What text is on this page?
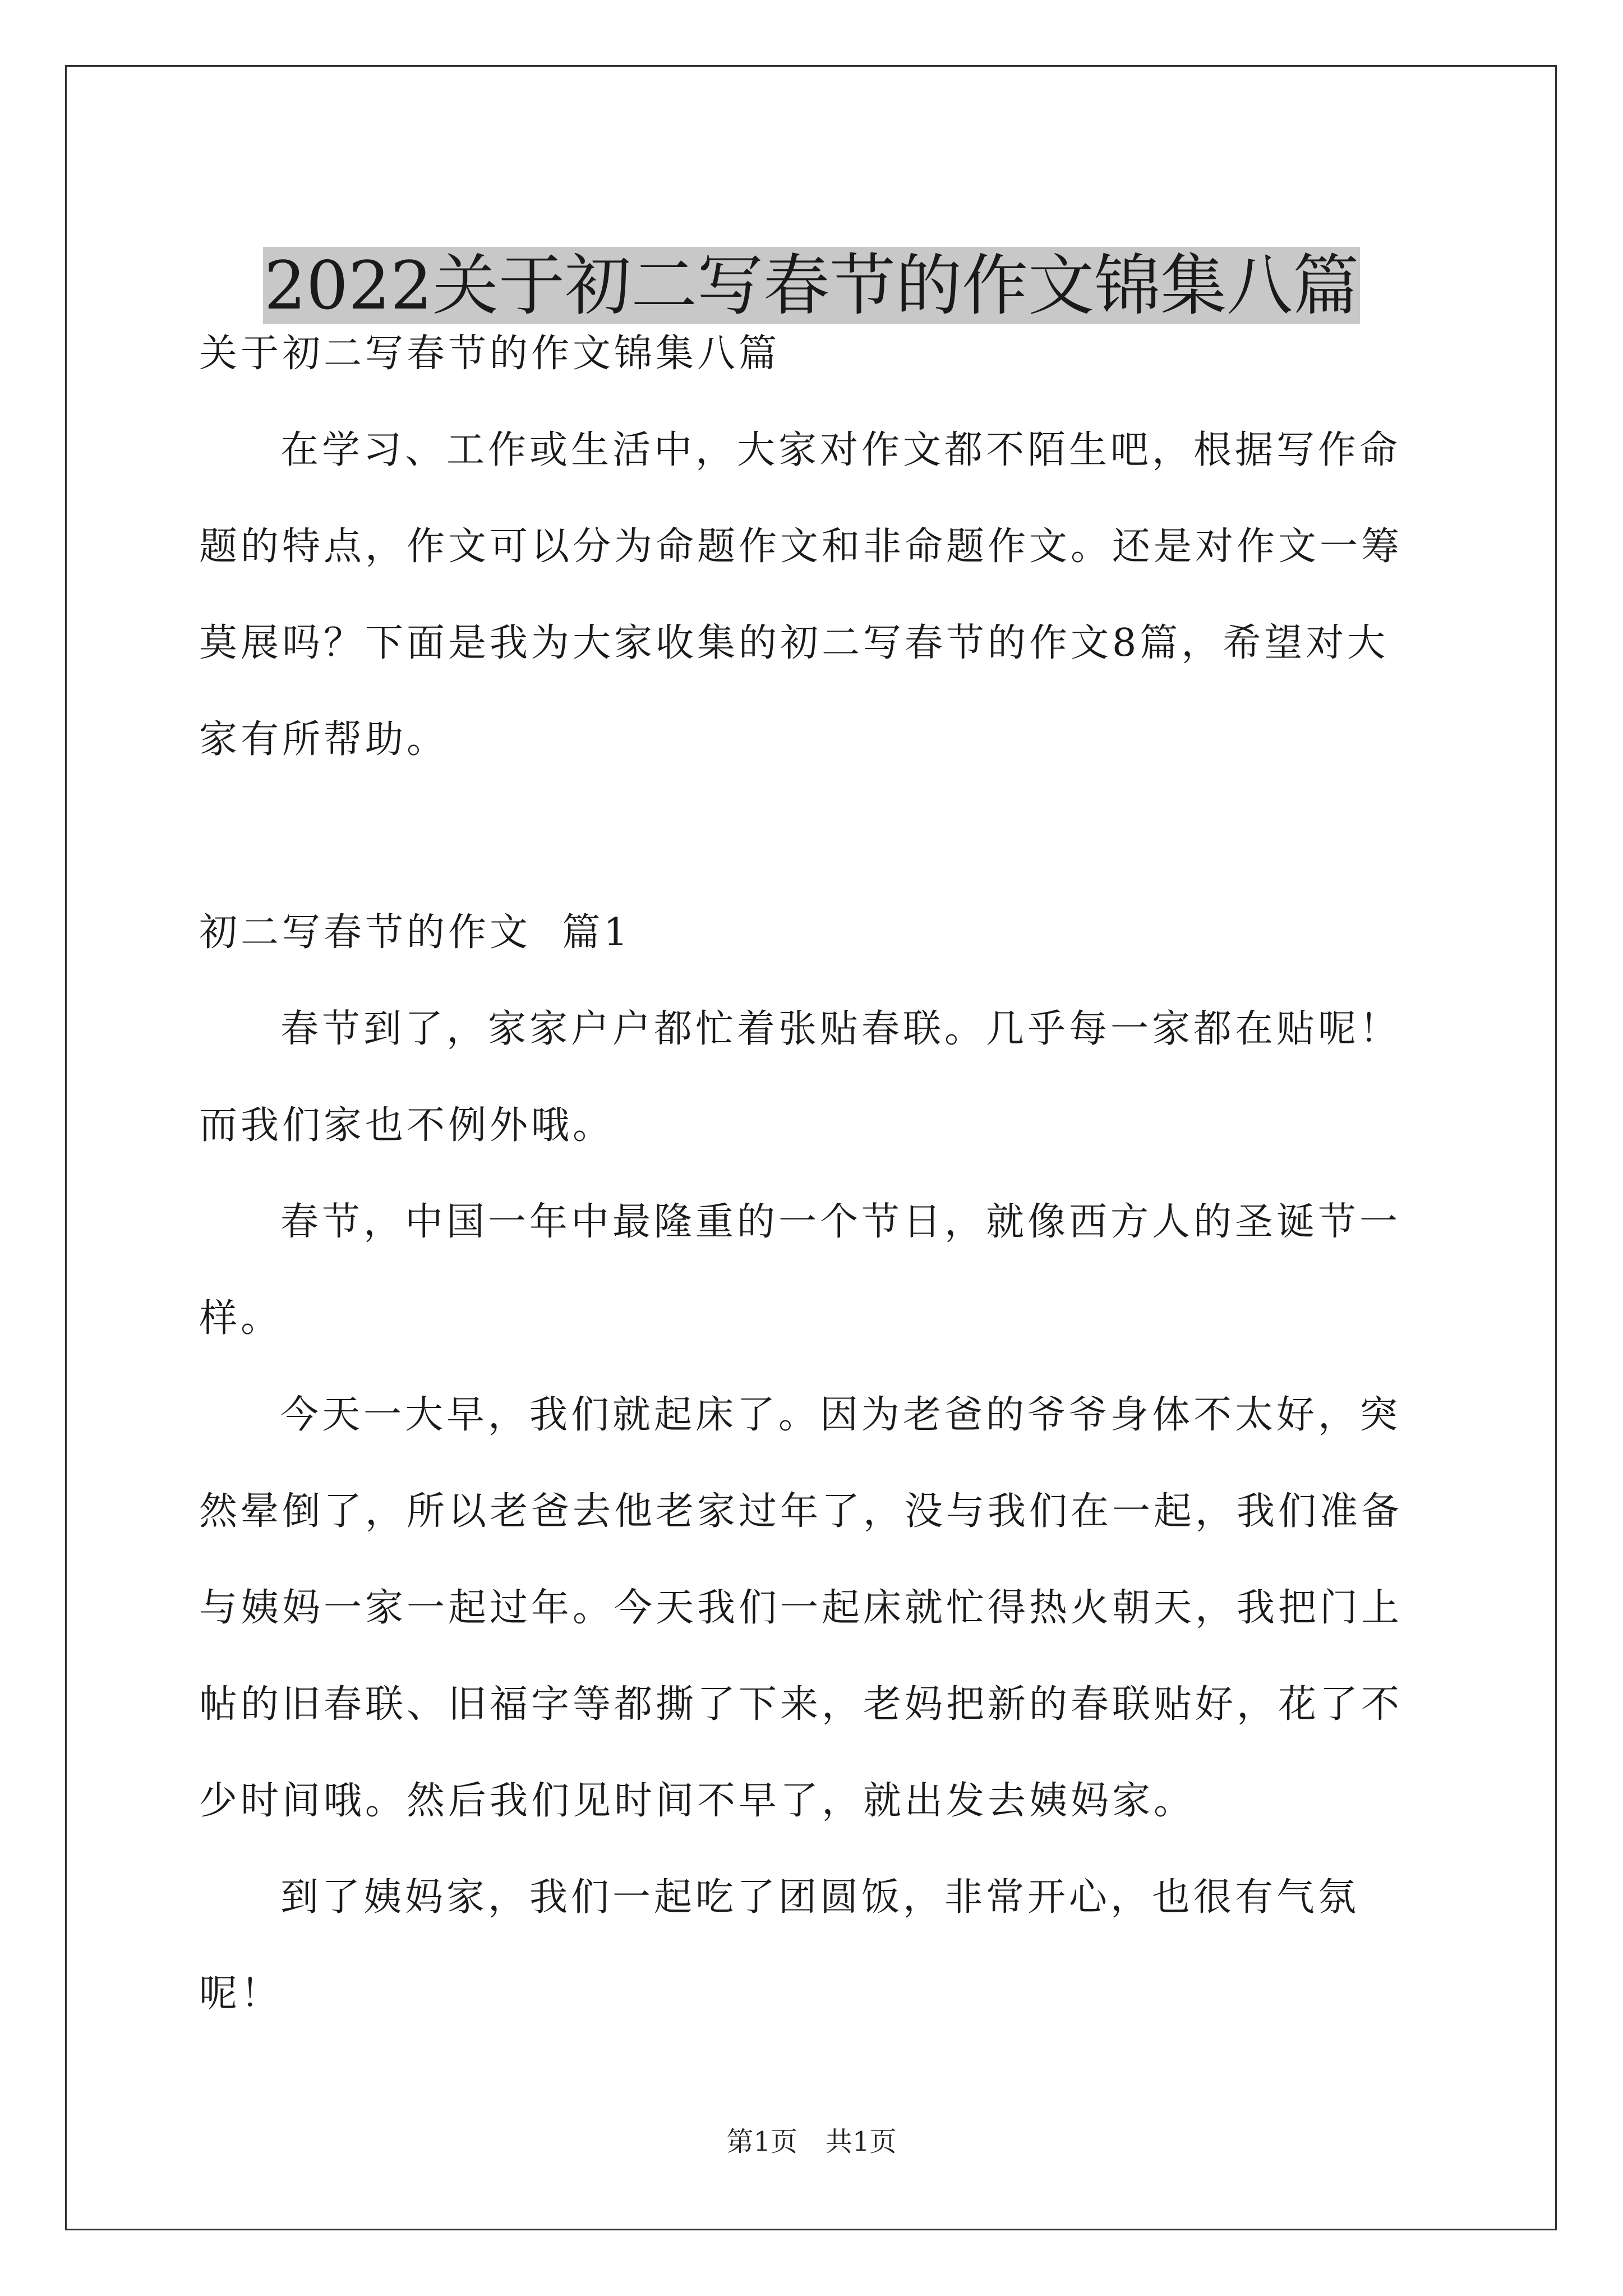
2022关于初二写春节的作文锦集八篇

关于初二写春节的作文锦集八篇

在学习、工作或生活中，大家对作文都不陌生吧，根据写作命题的特点，作文可以分为命题作文和非命题作文。还是对作文一筹莫展吗？下面是我为大家收集的初二写春节的作文8篇，希望对大家有所帮助。

初二写春节的作文  篇1

春节到了，家家户户都忙着张贴春联。几乎每一家都在贴呢！而我们家也不例外哦。

春节，中国一年中最隆重的一个节日，就像西方人的圣诞节一样。

今天一大早，我们就起床了。因为老爸的爷爷身体不太好，突然晕倒了，所以老爸去他老家过年了，没与我们在一起，我们准备与姨妈一家一起过年。今天我们一起床就忙得热火朝天，我把门上帖的旧春联、旧福字等都撕了下来，老妈把新的春联贴好，花了不少时间哦。然后我们见时间不早了，就出发去姨妈家。

到了姨妈家，我们一起吃了团圆饭，非常开心，也很有气氛呢！

第1页 共1页
